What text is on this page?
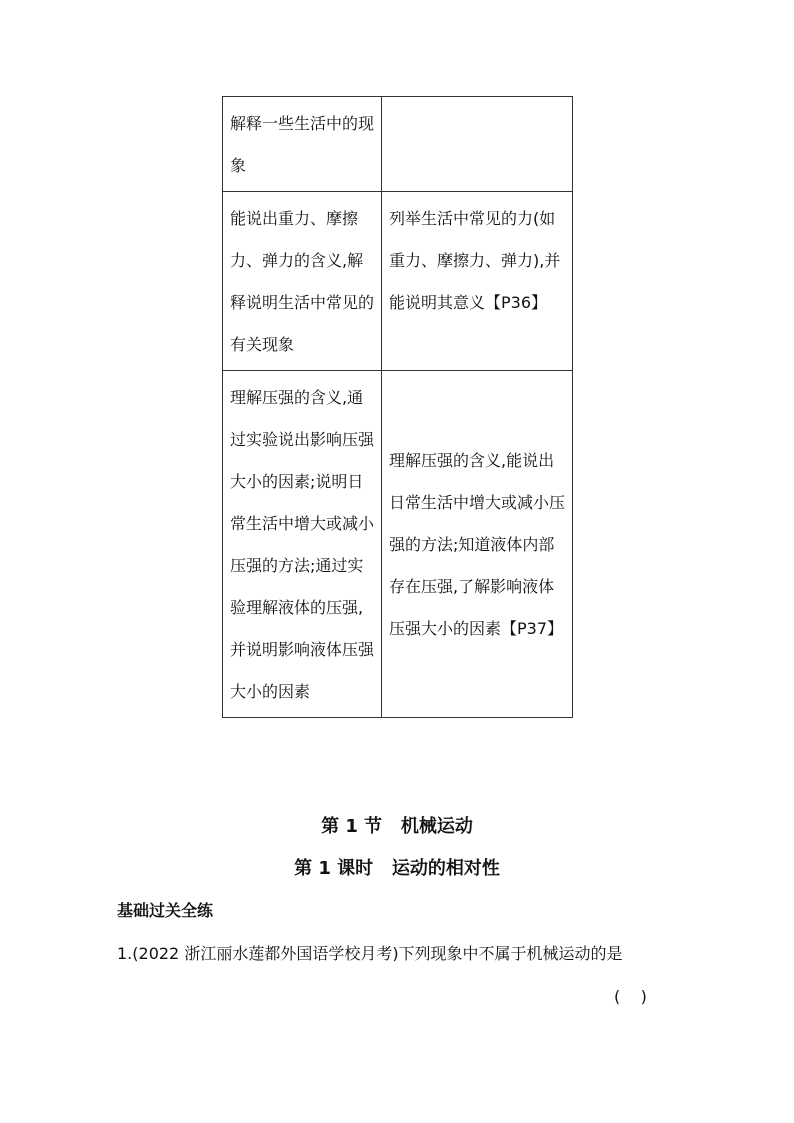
解释一些生活中的现象	
能说出重力、摩擦力、弹力的含义,解释说明生活中常见的有关现象	列举生活中常见的力(如重力、摩擦力、弹力),并能说明其意义【P36】
理解压强的含义,通过实验说出影响压强大小的因素;说明日常生活中增大或减小压强的方法;通过实验理解液体的压强,并说明影响液体压强大小的因素	理解压强的含义,能说出日常生活中增大或减小压强的方法;知道液体内部存在压强,了解影响液体压强大小的因素【P37】
第 1 节   机械运动
第 1 课时   运动的相对性
基础过关全练
1.(2022 浙江丽水莲都外国语学校月考)下列现象中不属于机械运动的是
(    )
